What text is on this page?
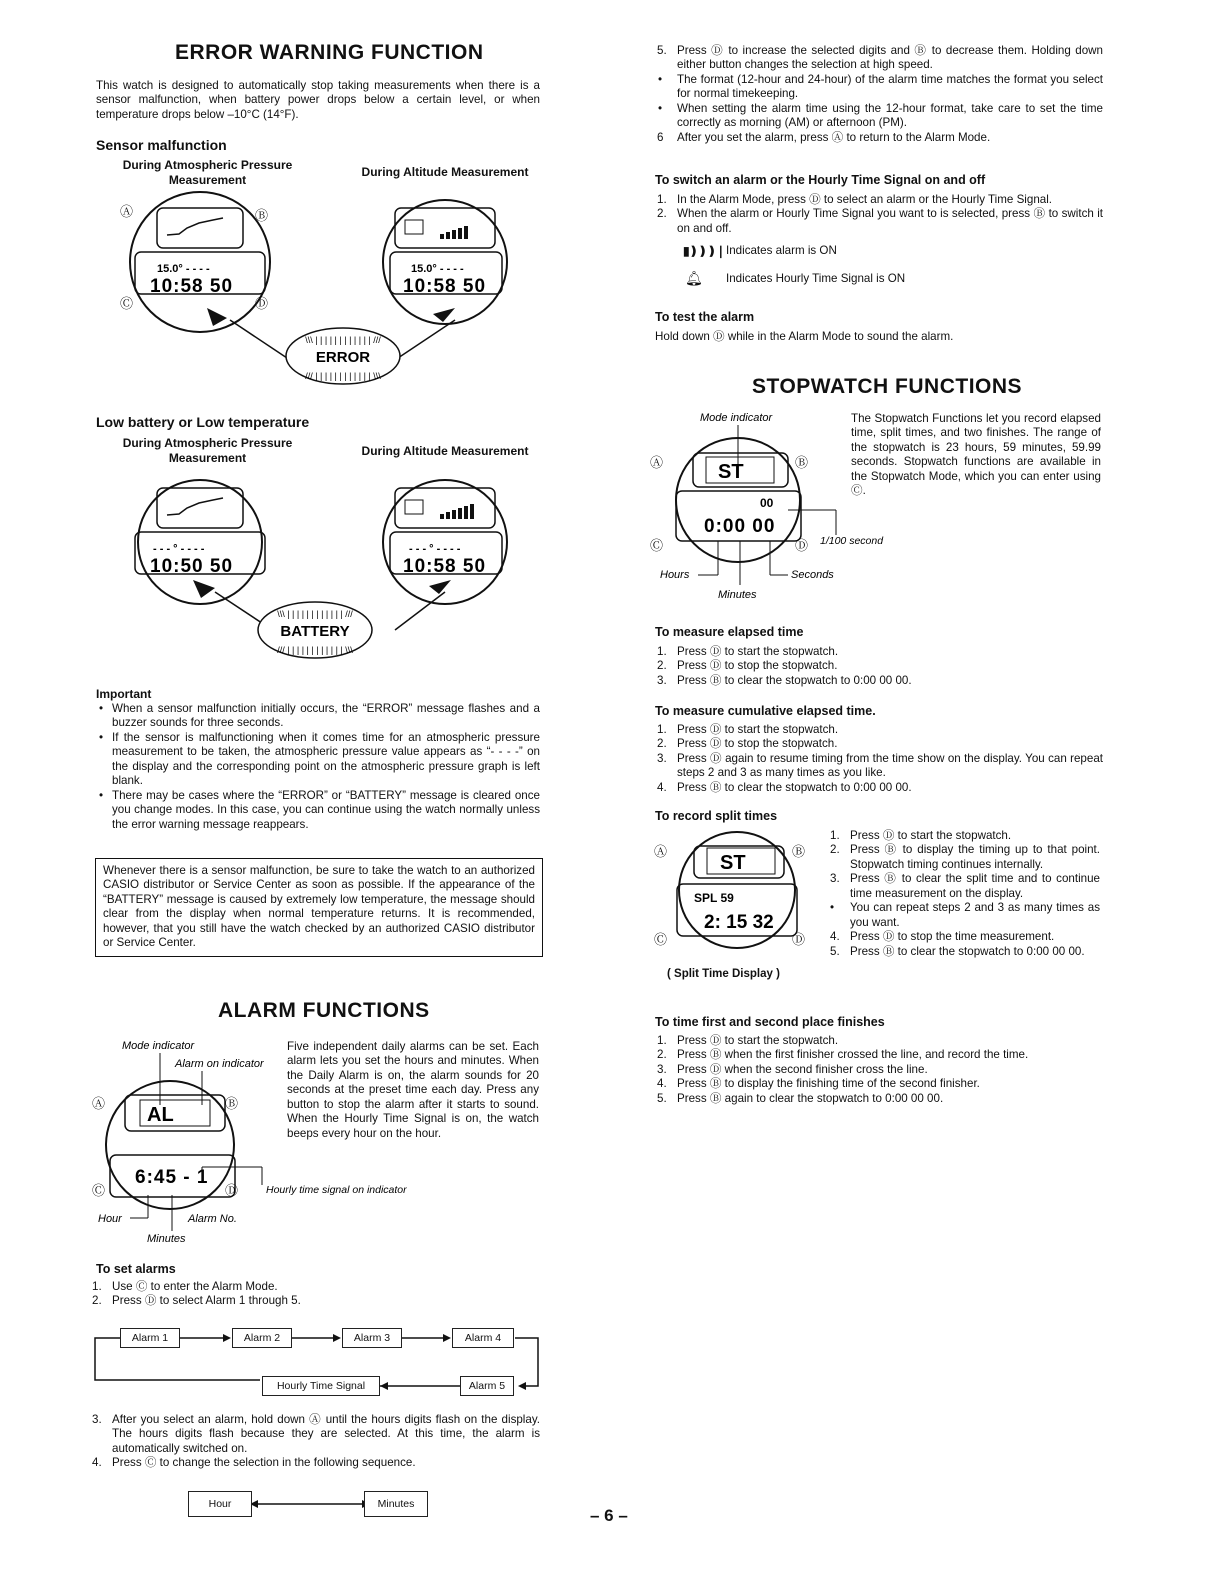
ERROR WARNING FUNCTION

This watch is designed to automatically stop taking measurements when there is a sensor malfunction, when battery power drops below a certain level, or when temperature drops below –10°C (14°F).

Sensor malfunction
During Atmospheric Pressure Measurement
During Altitude Measurement
15.0° - - - -
10:58 50
Ⓐ	Ⓑ
Ⓒ	Ⓓ
15.0° - - - -
10:58 50
ERROR
\\\ | | | | | | | | | | | | ///
/// | | | | | | | | | | | | \\\
Low battery or Low temperature
During Atmospheric Pressure Measurement	During Altitude Measurement
- - - ° - - - -
10:50 50
- - - ° - - - -
10:58 50
BATTERY
\\\ | | | | | | | | | | | | ///
/// | | | | | | | | | | | | \\\
Important
• When a sensor malfunction initially occurs, the “ERROR” message flashes and a buzzer sounds for three seconds.
• If the sensor is malfunctioning when it comes time for an atmospheric pressure measurement to be taken, the atmospheric pressure value appears as “- - - -” on the display and the corresponding point on the atmospheric pressure graph is left blank.
• There may be cases where the “ERROR” or “BATTERY” message is cleared once you change modes. In this case, you can continue using the watch normally unless the error warning message reappears.

Whenever there is a sensor malfunction, be sure to take the watch to an authorized CASIO distributor or Service Center as soon as possible. If the appearance of the “BATTERY” message is caused by extremely low temperature, the message should clear from the display when normal temperature returns. It is recommended, however, that you still have the watch checked by an authorized CASIO distributor or Service Center.

ALARM FUNCTIONS
Mode indicator
Alarm on indicator
AL
6:45 - 1
Ⓐ	Ⓑ
Ⓒ	Ⓓ	Hourly time signal on indicator
Hour	Alarm No.
Minutes

Five independent daily alarms can be set. Each alarm lets you set the hours and minutes. When the Daily Alarm is on, the alarm sounds for 20 seconds at the preset time each day. Press any button to stop the alarm after it starts to sound. When the Hourly Time Signal is on, the watch beeps every hour on the hour.

To set alarms
1. Use Ⓒ to enter the Alarm Mode.
2. Press Ⓓ to select Alarm 1 through 5.
Alarm 1	Alarm 2	Alarm 3	Alarm 4
Alarm 5
Hourly Time Signal
3. After you select an alarm, hold down Ⓐ until the hours digits flash on the display. The hours digits flash because they are selected. At this time, the alarm is automatically switched on.
4. Press Ⓒ to change the selection in the following sequence.
Hour	Minutes
– 6 –
5. Press Ⓓ to increase the selected digits and Ⓑ to decrease them. Holding down either button changes the selection at high speed.
• The format (12-hour and 24-hour) of the alarm time matches the format you select for normal timekeeping.
• When setting the alarm time using the 12-hour format, take care to set the time correctly as morning (AM) or afternoon (PM).
6 After you set the alarm, press Ⓐ to return to the Alarm Mode.
To switch an alarm or the Hourly Time Signal on and off
1. In the Alarm Mode, press Ⓓ to select an alarm or the Hourly Time Signal.
2. When the alarm or Hourly Time Signal you want to is selected, press Ⓑ to switch it on and off.
▮❫❫❫❘ Indicates alarm is ON
🔔︎ Indicates Hourly Time Signal is ON
To test the alarm

Hold down Ⓓ while in the Alarm Mode to sound the alarm.

STOPWATCH FUNCTIONS
Mode indicator
ST
00
0:00 00
Ⓐ	Ⓑ
Ⓒ	Ⓓ 1/100 second
Hours	Seconds
Minutes

The Stopwatch Functions let you record elapsed time, split times, and two finishes. The range of the stopwatch is 23 hours, 59 minutes, 59.99 seconds. Stopwatch functions are available in the Stopwatch Mode, which you can enter using Ⓒ.

To measure elapsed time
1. Press Ⓓ to start the stopwatch.
2. Press Ⓓ to stop the stopwatch.
3. Press Ⓑ to clear the stopwatch to 0:00 00 00.
To measure cumulative elapsed time.
1. Press Ⓓ to start the stopwatch.
2. Press Ⓓ to stop the stopwatch.
3. Press Ⓓ again to resume timing from the time show on the display. You can repeat steps 2 and 3 as many times as you like.
4. Press Ⓑ to clear the stopwatch to 0:00 00 00.
To record split times
ST
SPL 59
2: 15 32
Ⓐ	Ⓑ
Ⓒ	Ⓓ
( Split Time Display )
1. Press Ⓓ to start the stopwatch.
2. Press Ⓑ to display the timing up to that point. Stopwatch timing continues internally.
3. Press Ⓑ to clear the split time and to continue time measurement on the display.
• You can repeat steps 2 and 3 as many times as you want.
4. Press Ⓓ to stop the time measurement.
5. Press Ⓑ to clear the stopwatch to 0:00 00 00.
To time first and second place finishes
1. Press Ⓓ to start the stopwatch.
2. Press Ⓑ when the first finisher crossed the line, and record the time.
3. Press Ⓓ when the second finisher cross the line.
4. Press Ⓑ to display the finishing time of the second finisher.
5. Press Ⓑ again to clear the stopwatch to 0:00 00 00.
